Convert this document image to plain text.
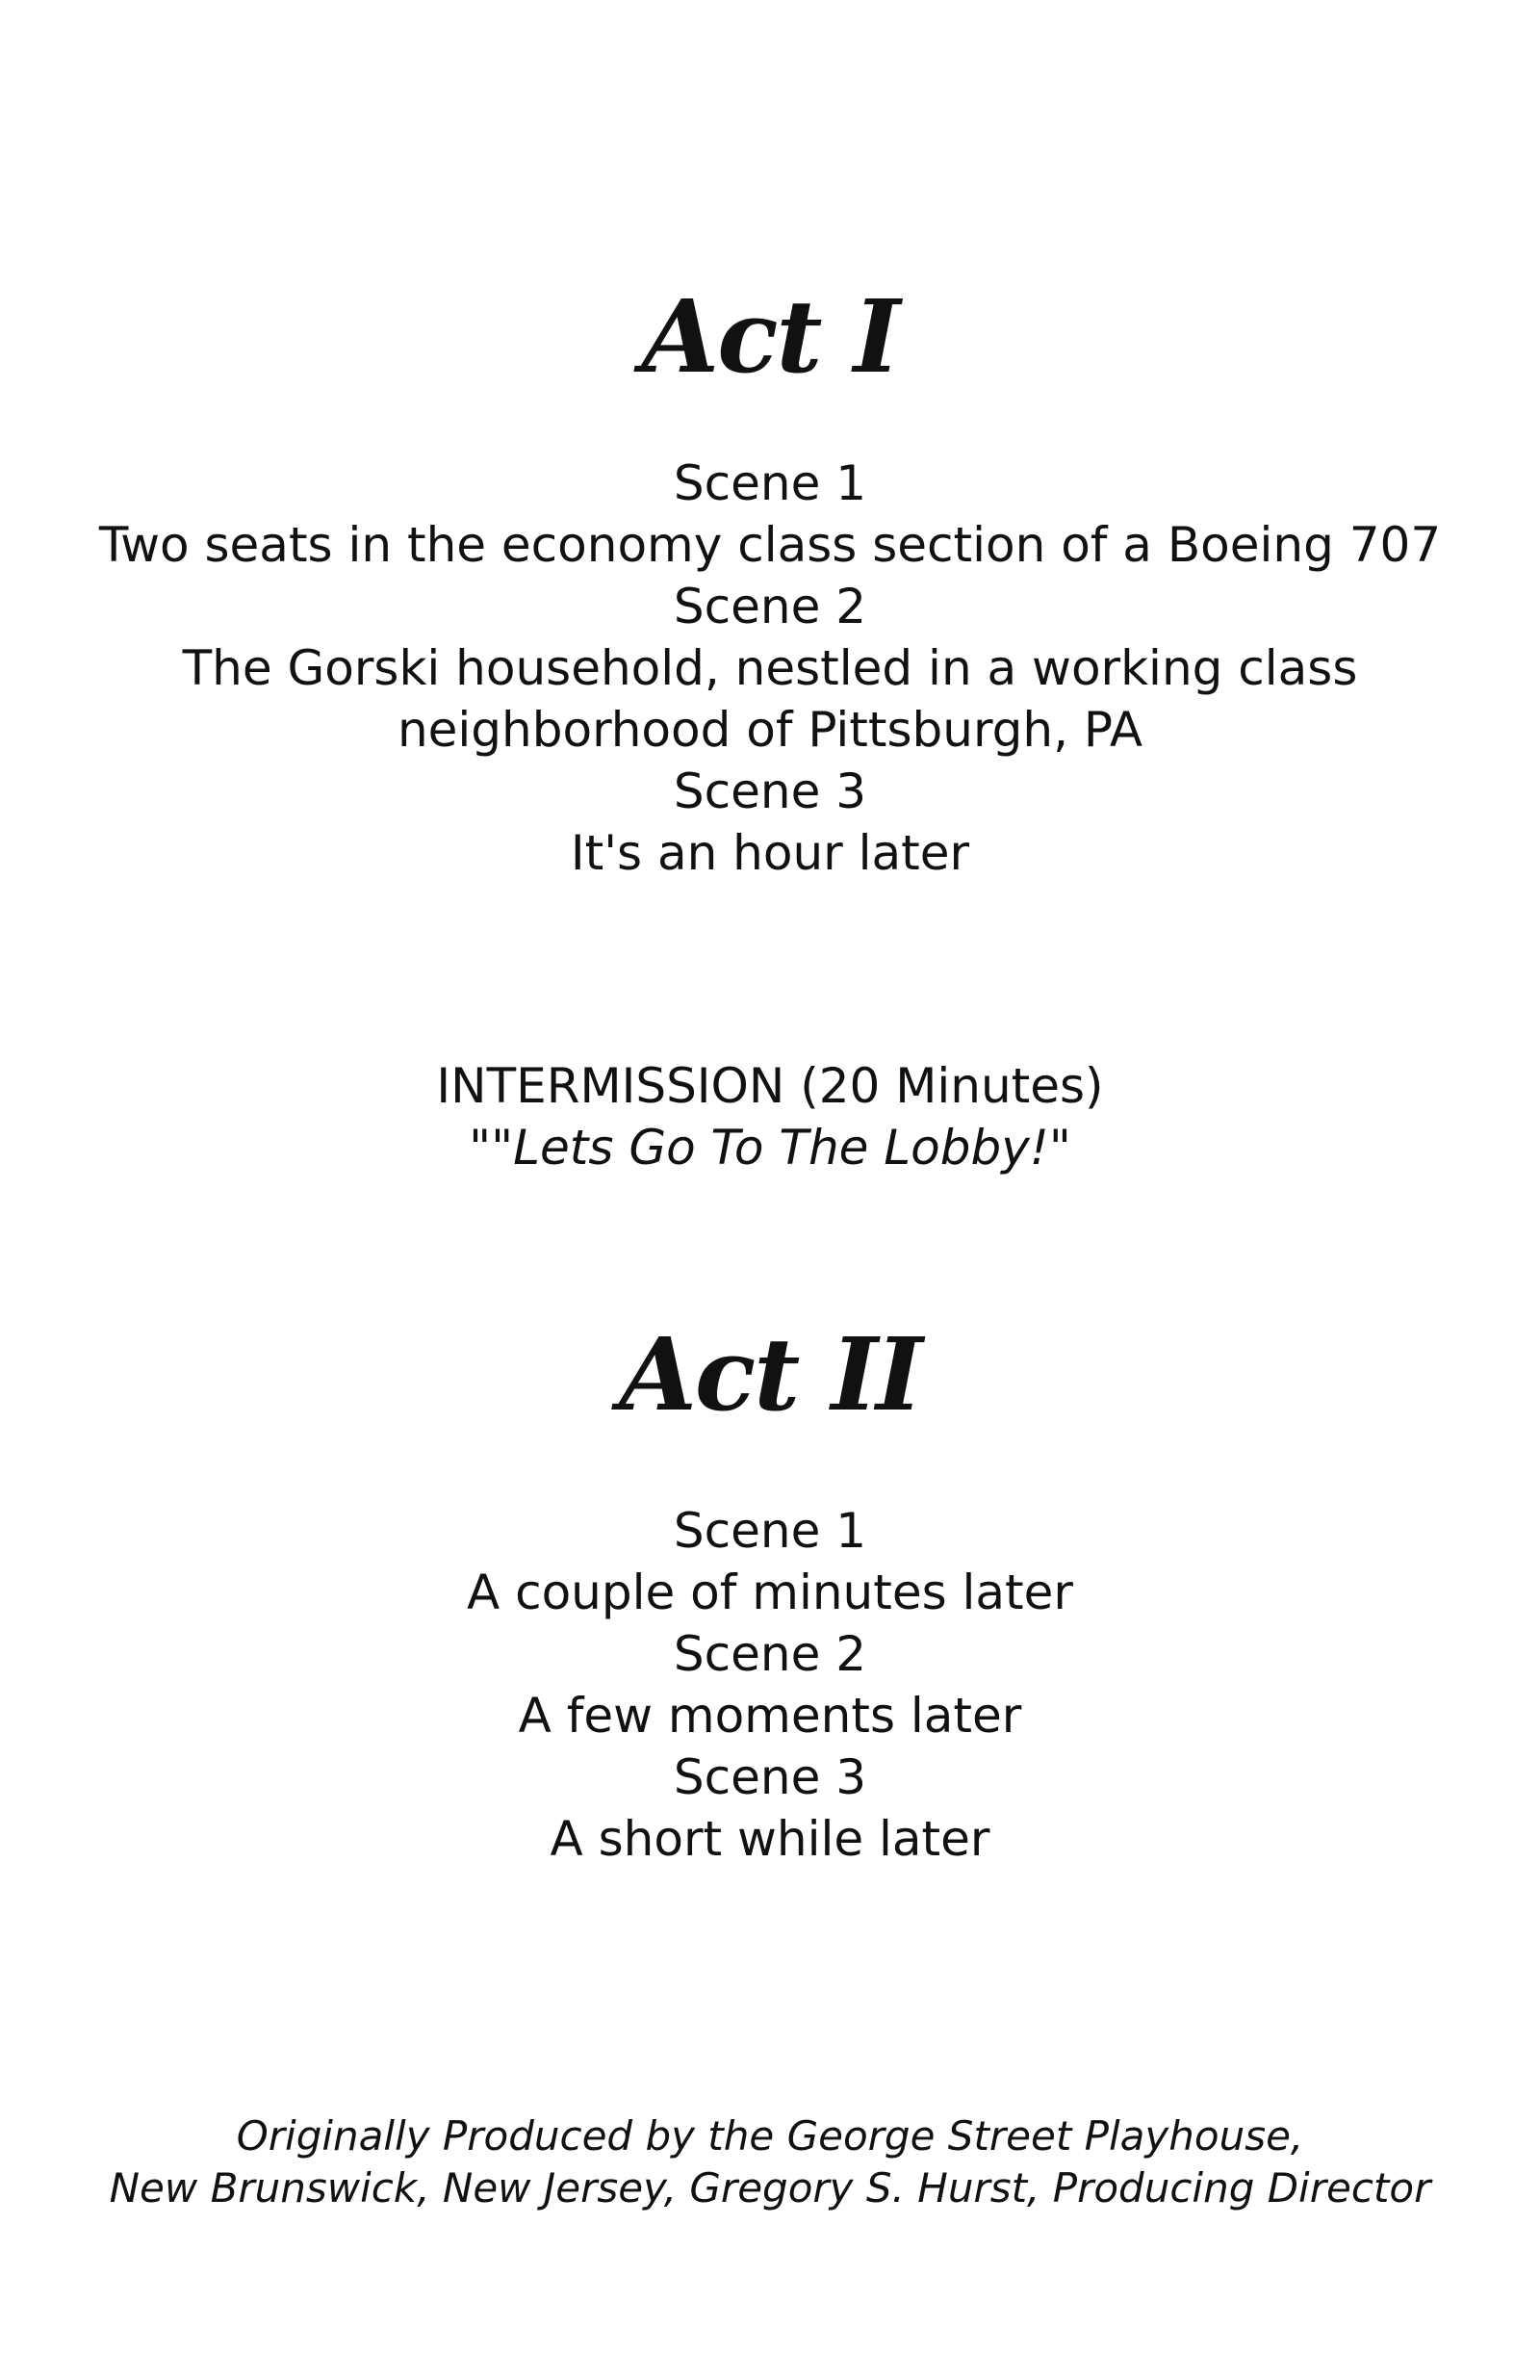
Act I
Scene 1
Two seats in the economy class section of a Boeing 707
Scene 2
The Gorski household, nestled in a working class
neighborhood of Pittsburgh, PA
Scene 3
It's an hour later
INTERMISSION (20 Minutes)
""Lets Go To The Lobby!"
Act II
Scene 1
A couple of minutes later
Scene 2
A few moments later
Scene 3
A short while later
Originally Produced by the George Street Playhouse,
New Brunswick, New Jersey, Gregory S. Hurst, Producing Director
